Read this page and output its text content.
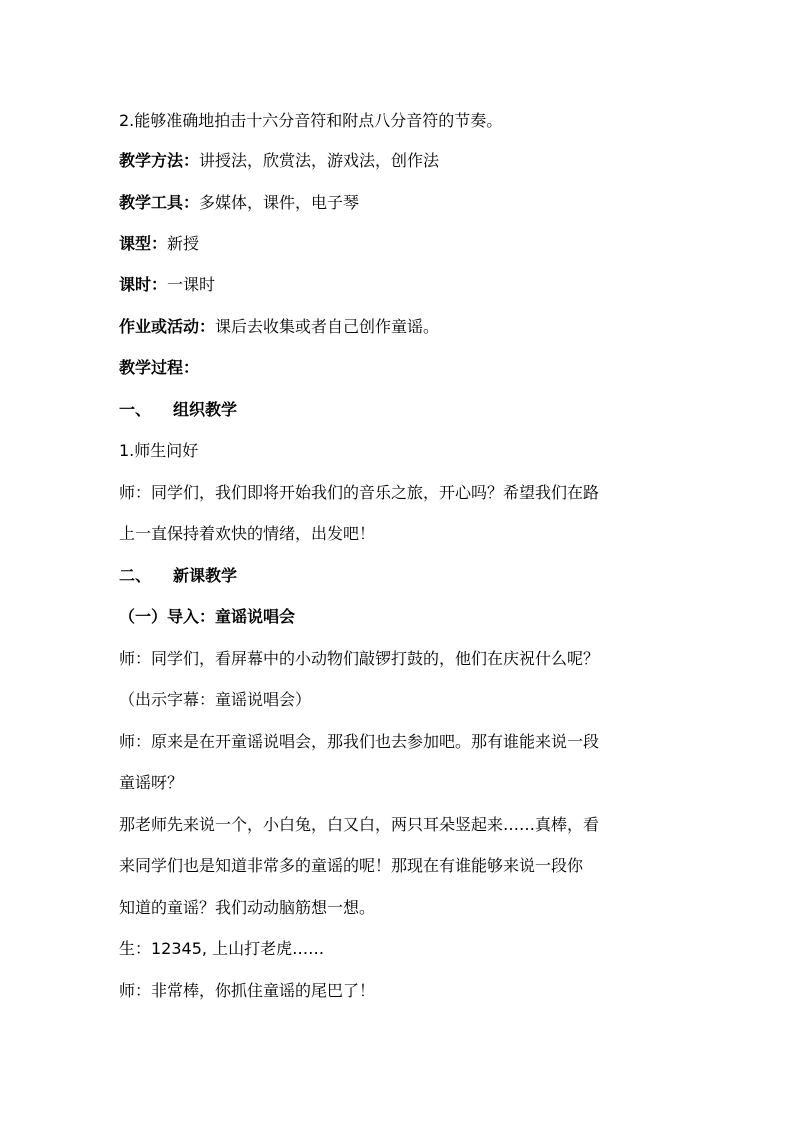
2.能够准确地拍击十六分音符和附点八分音符的节奏。
教学方法：讲授法，欣赏法，游戏法，创作法
教学工具：多媒体，课件，电子琴
课型：新授
课时：一课时
作业或活动：课后去收集或者自己创作童谣。
教学过程：
一、 组织教学
1.师生问好
师：同学们，我们即将开始我们的音乐之旅，开心吗？希望我们在路
上一直保持着欢快的情绪，出发吧！
二、 新课教学
（一）导入：童谣说唱会
师：同学们，看屏幕中的小动物们敲锣打鼓的，他们在庆祝什么呢？
（出示字幕：童谣说唱会）
师：原来是在开童谣说唱会，那我们也去参加吧。那有谁能来说一段
童谣呀？
那老师先来说一个，小白兔，白又白，两只耳朵竖起来……真棒，看
来同学们也是知道非常多的童谣的呢！那现在有谁能够来说一段你
知道的童谣？我们动动脑筋想一想。
生：12345, 上山打老虎……
师：非常棒，你抓住童谣的尾巴了！
